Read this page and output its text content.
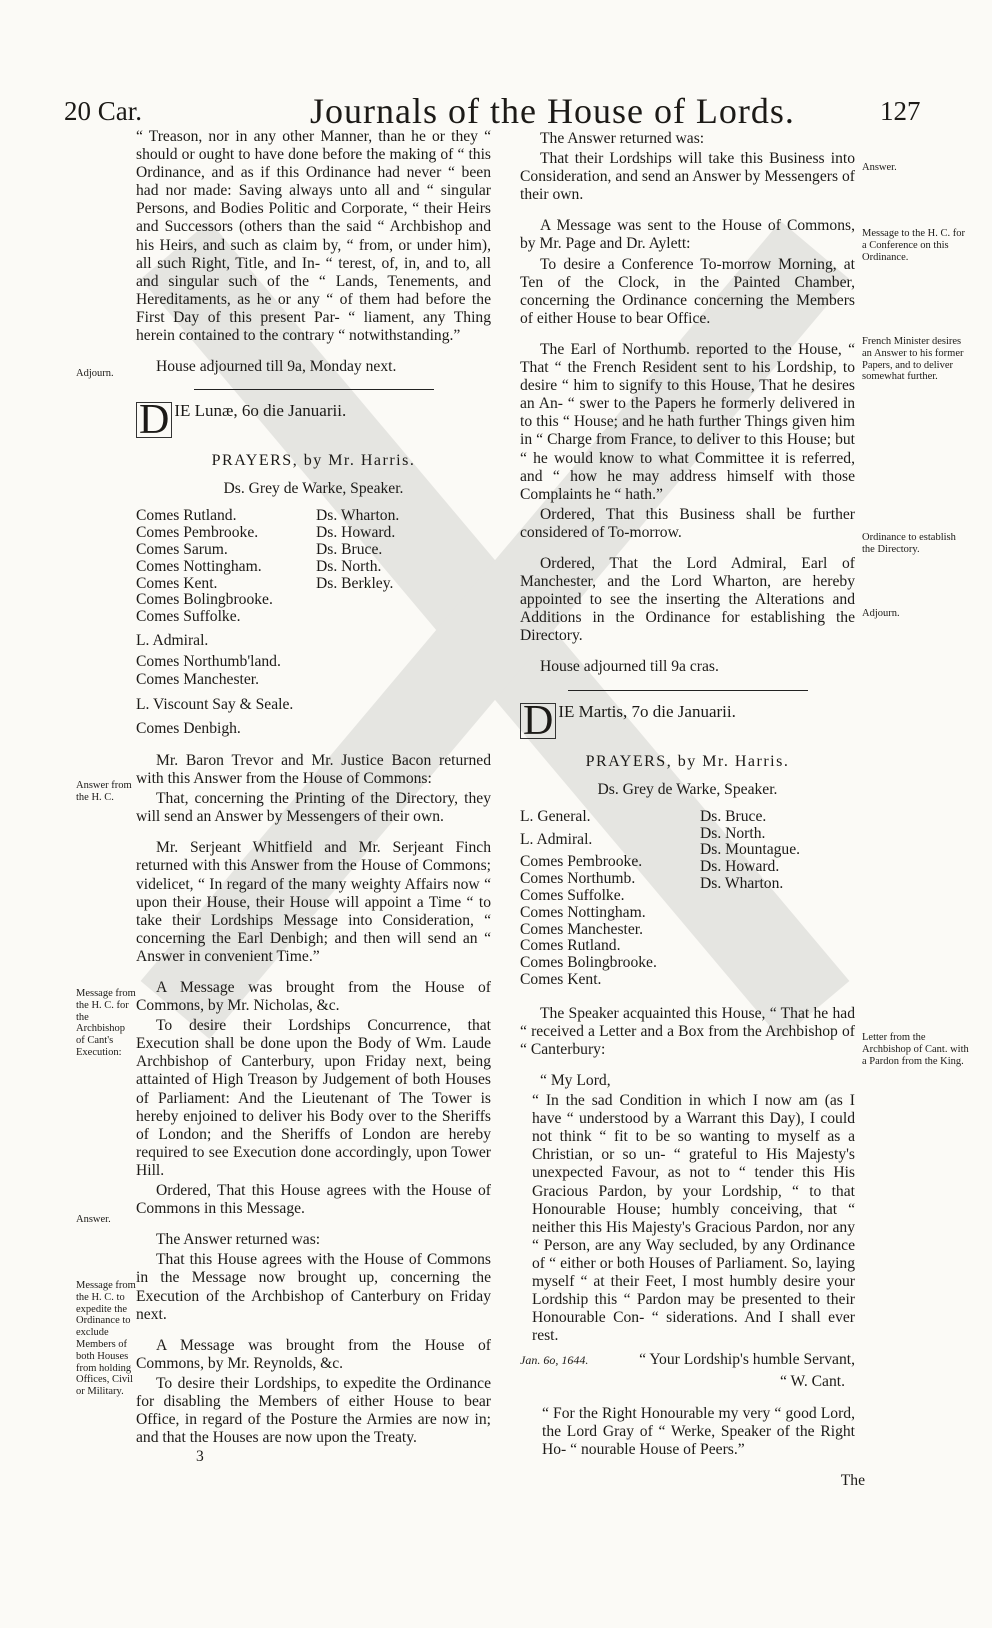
20 Car.	Journals of the House of Lords.	127
Adjourn.
Answer from the H. C.
Message from the H. C. for the Archbishop of Cant's Execution:
Answer.
Message from the H. C. to expedite the Ordinance to exclude Members of both Houses from holding Offices, Civil or Military.
Answer.
Message to the H. C. for a Conference on this Ordinance.
French Minister desires an Answer to his former Papers, and to deliver somewhat further.
Ordinance to establish the Directory.
Adjourn.
Letter from the Archbishop of Cant. with a Pardon from the King.

“ Treason, nor in any other Manner, than he or they “ should or ought to have done before the making of “ this Ordinance, and as if this Ordinance had never “ been had nor made: Saving always unto all and “ singular Persons, and Bodies Politic and Corporate, “ their Heirs and Successors (others than the said “ Archbishop and his Heirs, and such as claim by, “ from, or under him), all such Right, Title, and In- “ terest, of, in, and to, all and singular such of the “ Lands, Tenements, and Hereditaments, as he or any “ of them had before the First Day of this present Par- “ liament, any Thing herein contained to the contrary “ notwithstanding.”

House adjourned till 9a, Monday next.

D IE Lunæ, 6o die Januarii.
PRAYERS, by Mr. Harris.
Ds. Grey de Warke, Speaker.
Comes Rutland.
Comes Pembrooke.
Comes Sarum.
Comes Nottingham.
Comes Kent.
Comes Bolingbrooke.
Comes Suffolke.
Ds. Wharton.
Ds. Howard.
Ds. Bruce.
Ds. North.
Ds. Berkley.
L. Admiral.
Comes Northumb'land.
Comes Manchester.
L. Viscount Say & Seale.
Comes Denbigh.

Mr. Baron Trevor and Mr. Justice Bacon returned with this Answer from the House of Commons:

That, concerning the Printing of the Directory, they will send an Answer by Messengers of their own.

Mr. Serjeant Whitfield and Mr. Serjeant Finch returned with this Answer from the House of Commons; videlicet, “ In regard of the many weighty Affairs now “ upon their House, their House will appoint a Time “ to take their Lordships Message into Consideration, “ concerning the Earl Denbigh; and then will send an “ Answer in convenient Time.”

A Message was brought from the House of Commons, by Mr. Nicholas, &c.

To desire their Lordships Concurrence, that Execution shall be done upon the Body of Wm. Laude Archbishop of Canterbury, upon Friday next, being attainted of High Treason by Judgement of both Houses of Parliament: And the Lieutenant of The Tower is hereby enjoined to deliver his Body over to the Sheriffs of London; and the Sheriffs of London are hereby required to see Execution done accordingly, upon Tower Hill.

Ordered, That this House agrees with the House of Commons in this Message.

The Answer returned was:

That this House agrees with the House of Commons in the Message now brought up, concerning the Execution of the Archbishop of Canterbury on Friday next.

A Message was brought from the House of Commons, by Mr. Reynolds, &c.

To desire their Lordships, to expedite the Ordinance for disabling the Members of either House to bear Office, in regard of the Posture the Armies are now in; and that the Houses are now upon the Treaty.

3

The Answer returned was:

That their Lordships will take this Business into Consideration, and send an Answer by Messengers of their own.

A Message was sent to the House of Commons, by Mr. Page and Dr. Aylett:

To desire a Conference To-morrow Morning, at Ten of the Clock, in the Painted Chamber, concerning the Ordinance concerning the Members of either House to bear Office.

The Earl of Northumb. reported to the House, “ That “ the French Resident sent to his Lordship, to desire “ him to signify to this House, That he desires an An- “ swer to the Papers he formerly delivered in to this “ House; and he hath further Things given him in “ Charge from France, to deliver to this House; but “ he would know to what Committee it is referred, and “ how he may address himself with those Complaints he “ hath.”

Ordered, That this Business shall be further considered of To-morrow.

Ordered, That the Lord Admiral, Earl of Manchester, and the Lord Wharton, are hereby appointed to see the inserting the Alterations and Additions in the Ordinance for establishing the Directory.

House adjourned till 9a cras.

D IE Martis, 7o die Januarii.
PRAYERS, by Mr. Harris.
Ds. Grey de Warke, Speaker.
L. General.
L. Admiral.
Comes Pembrooke.
Comes Northumb.
Comes Suffolke.
Comes Nottingham.
Comes Manchester.
Comes Rutland.
Comes Bolingbrooke.
Comes Kent.
Ds. Bruce.
Ds. North.
Ds. Mountague.
Ds. Howard.
Ds. Wharton.

The Speaker acquainted this House, “ That he had “ received a Letter and a Box from the Archbishop of “ Canterbury:

“ My Lord,

“ In the sad Condition in which I now am (as I have “ understood by a Warrant this Day), I could not think “ fit to be so wanting to myself as a Christian, or so un- “ grateful to His Majesty's unexpected Favour, as not to “ tender this His Gracious Pardon, by your Lordship, “ to that Honourable House; humbly conceiving, that “ neither this His Majesty's Gracious Pardon, nor any “ Person, are any Way secluded, by any Ordinance of “ either or both Houses of Parliament. So, laying myself “ at their Feet, I most humbly desire your Lordship this “ Pardon may be presented to their Honourable Con- “ siderations. And I shall ever rest.

Jan. 6o, 1644.	“ Your Lordship's humble Servant,

“ W. Cant.

“ For the Right Honourable my very “ good Lord, the Lord Gray of “ Werke, Speaker of the Right Ho- “ nourable House of Peers.”

The
